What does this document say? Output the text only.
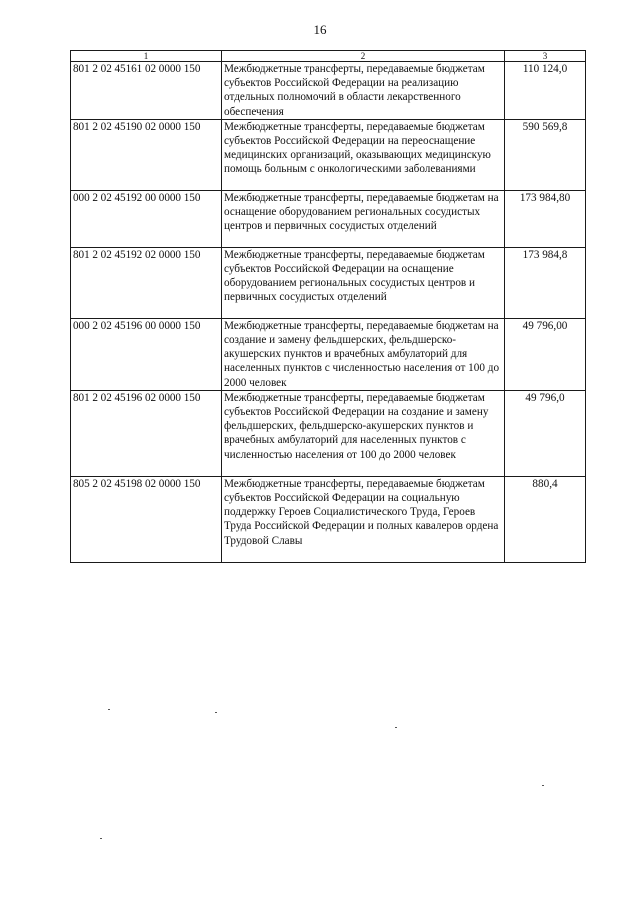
16
1	2	3
801 2 02 45161 02 0000 150	Межбюджетные трансферты, передаваемые бюджетам субъектов Российской Федерации на реализацию отдельных полномочий в области лекарственного обеспечения	110 124,0
801 2 02 45190 02 0000 150	Межбюджетные трансферты, передаваемые бюджетам субъектов Российской Федерации на переоснащение медицинских организаций, оказывающих медицинскую помощь больным с онкологическими заболеваниями	590 569,8
000 2 02 45192 00 0000 150	Межбюджетные трансферты, передаваемые бюджетам на оснащение оборудованием региональных сосудистых центров и первичных сосудистых отделений	173 984,80
801 2 02 45192 02 0000 150	Межбюджетные трансферты, передаваемые бюджетам субъектов Российской Федерации на оснащение оборудованием региональных сосудистых центров и первичных сосудистых отделений	173 984,8
000 2 02 45196 00 0000 150	Межбюджетные трансферты, передаваемые бюджетам на создание и замену фельдшерских, фельдшерско-акушерских пунктов и врачебных амбулаторий для населенных пунктов с численностью населения от 100 до 2000 человек	49 796,00
801 2 02 45196 02 0000 150	Межбюджетные трансферты, передаваемые бюджетам субъектов Российской Федерации на создание и замену фельдшерских, фельдшерско-акушерских пунктов и врачебных амбулаторий для населенных пунктов с численностью населения от 100 до 2000 человек	49 796,0
805 2 02 45198 02 0000 150	Межбюджетные трансферты, передаваемые бюджетам субъектов Российской Федерации на социальную поддержку Героев Социалистического Труда, Героев Труда Российской Федерации и полных кавалеров ордена Трудовой Славы	880,4
